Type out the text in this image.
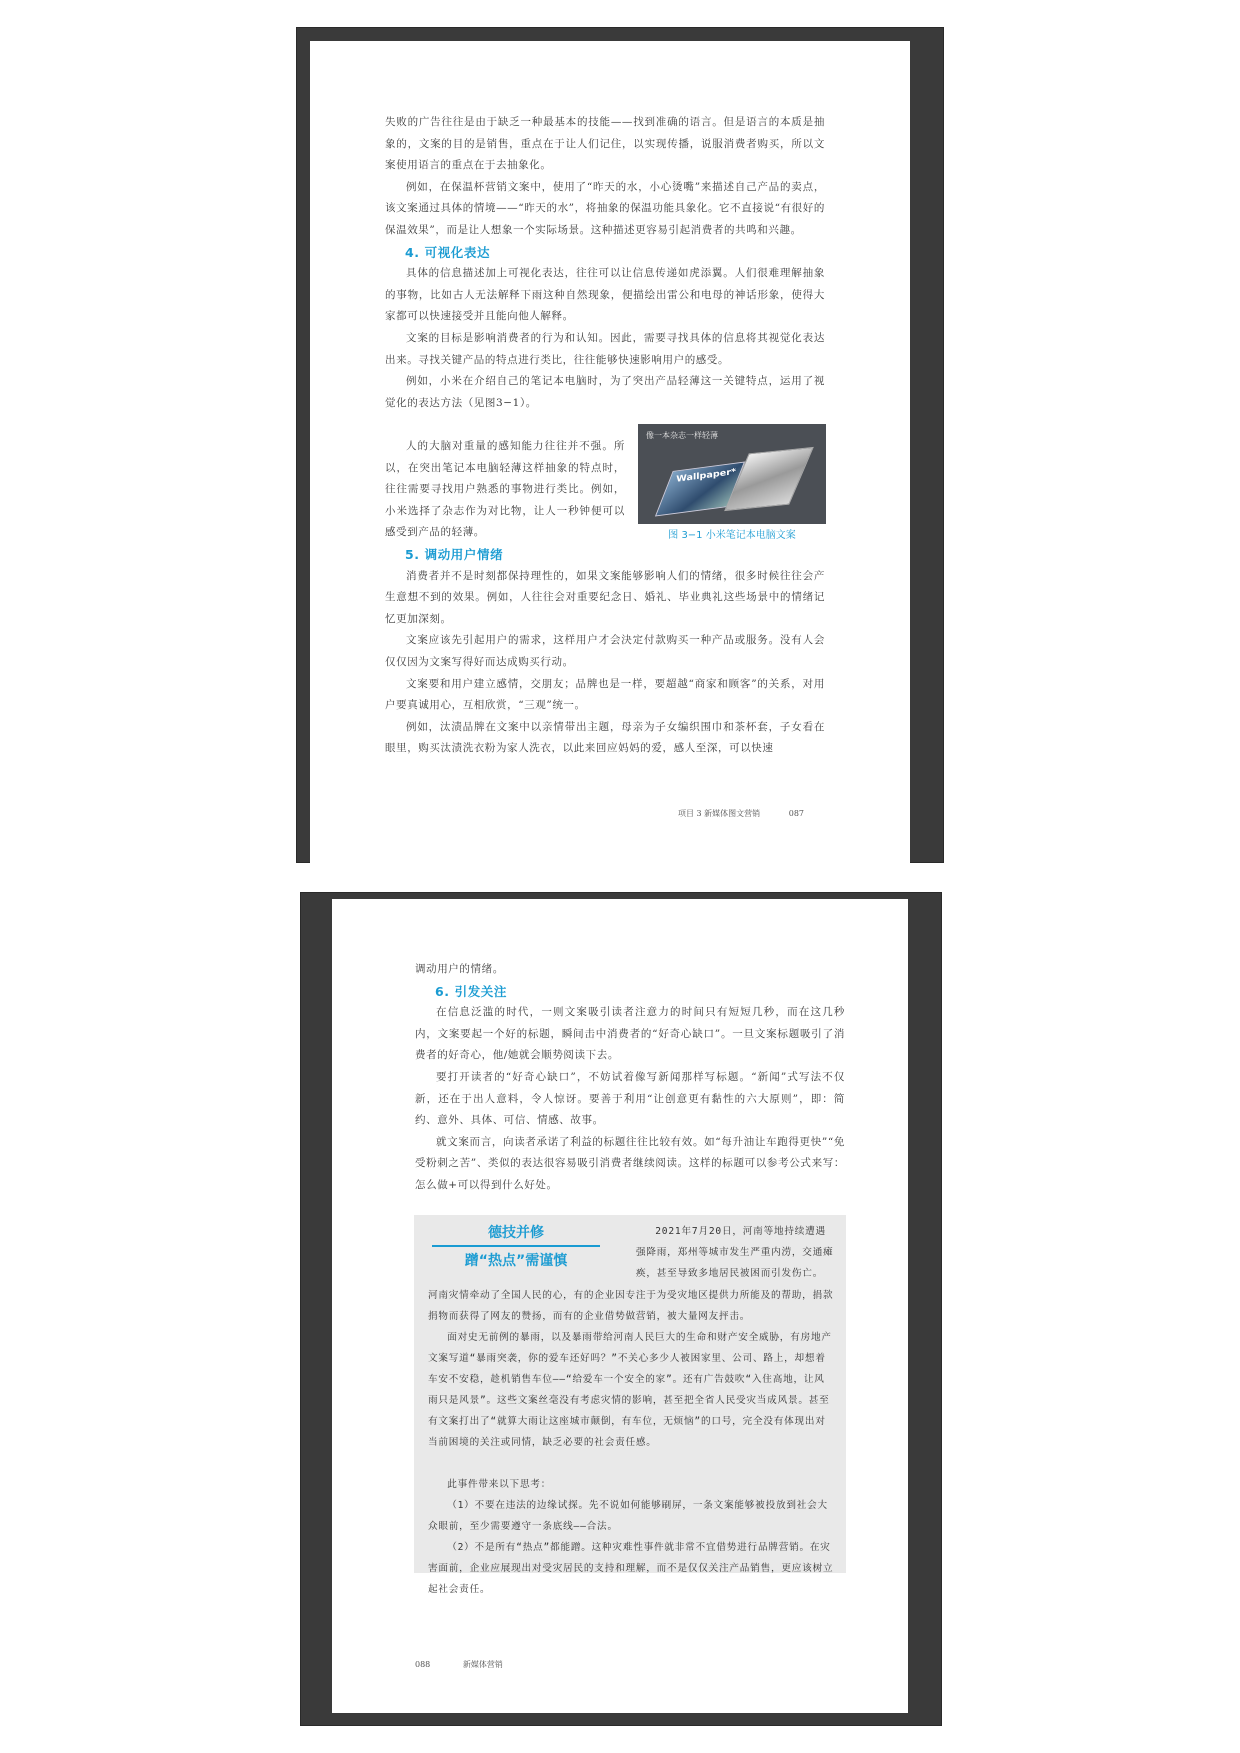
失败的广告往往是由于缺乏一种最基本的技能——找到准确的语言。但是语言的本质是抽象的，文案的目的是销售，重点在于让人们记住，以实现传播，说服消费者购买，所以文案使用语言的重点在于去抽象化。

例如，在保温杯营销文案中，使用了“昨天的水，小心烫嘴”来描述自己产品的卖点，该文案通过具体的情境——“昨天的水”，将抽象的保温功能具象化。它不直接说“有很好的保温效果”，而是让人想象一个实际场景。这种描述更容易引起消费者的共鸣和兴趣。

4. 可视化表达

具体的信息描述加上可视化表达，往往可以让信息传递如虎添翼。人们很难理解抽象的事物，比如古人无法解释下雨这种自然现象，便描绘出雷公和电母的神话形象，使得大家都可以快速接受并且能向他人解释。

文案的目标是影响消费者的行为和认知。因此，需要寻找具体的信息将其视觉化表达出来。寻找关键产品的特点进行类比，往往能够快速影响用户的感受。

例如，小米在介绍自己的笔记本电脑时，为了突出产品轻薄这一关键特点，运用了视觉化的表达方法（见图3−1）。

人的大脑对重量的感知能力往往并不强。所以，在突出笔记本电脑轻薄这样抽象的特点时，往往需要寻找用户熟悉的事物进行类比。例如，小米选择了杂志作为对比物，让人一秒钟便可以感受到产品的轻薄。

像一本杂志一样轻薄
Wallpaper*
图 3−1 小米笔记本电脑文案

5. 调动用户情绪

消费者并不是时刻都保持理性的，如果文案能够影响人们的情绪，很多时候往往会产生意想不到的效果。例如，人往往会对重要纪念日、婚礼、毕业典礼这些场景中的情绪记忆更加深刻。

文案应该先引起用户的需求，这样用户才会決定付款购买一种产品或服务。没有人会仅仅因为文案写得好而达成购买行动。

文案要和用户建立感情，交朋友；品牌也是一样，要超越“商家和顾客”的关系，对用户要真诚用心，互相欣赏，“三观”统一。

例如，汰渍品牌在文案中以亲情带出主题，母亲为子女编织围巾和茶杯套，子女看在眼里，购买汰渍洗衣粉为家人洗衣，以此来回应妈妈的爱，感人至深，可以快速

项目 3 新媒体图文营销	087

调动用户的情绪。

6. 引发关注

在信息泛滥的时代，一则文案吸引读者注意力的时间只有短短几秒，而在这几秒内，文案要起一个好的标题，瞬间击中消费者的“好奇心缺口”。一旦文案标题吸引了消费者的好奇心，他/她就会顺势阅读下去。

要打开读者的“好奇心缺口”，不妨试着像写新闻那样写标题。“新闻”式写法不仅新，还在于出人意料，令人惊讶。要善于利用“让创意更有黏性的六大原则”，即：简约、意外、具体、可信、情感、故事。

就文案而言，向读者承诺了利益的标题往往比较有效。如“每升油让车跑得更快”“免受粉刺之苦”、类似的表达很容易吸引消费者继续阅读。这样的标题可以参考公式来写：怎么做+可以得到什么好处。

2021年7月20日，河南等地持续遭遇强降雨，郑州等城市发生严重内涝，交通瘫痪，甚至导致多地居民被困而引发伤亡。
河南灾情牵动了全国人民的心，有的企业因专注于为受灾地区提供力所能及的帮助，捐款捐物而获得了网友的赞扬，而有的企业借势做营销，被大量网友抨击。
面对史无前例的暴雨，以及暴雨带给河南人民巨大的生命和财产安全威胁，有房地产文案写道“暴雨突袭，你的爱车还好吗？”不关心多少人被困家里、公司、路上，却想着车安不安稳，趁机销售车位——“给爱车一个安全的家”。还有广告鼓吹“入住高地，让风雨只是风景”。这些文案丝毫没有考虑灾情的影响，甚至把全省人民受灾当成风景。甚至有文案打出了“就算大雨让这座城市颠倒，有车位，无烦恼”的口号，完全没有体现出对当前困境的关注或同情，缺乏必要的社会责任感。
此事件带来以下思考：
（1）不要在违法的边缘试探。先不说如何能够刷屏，一条文案能够被投放到社会大众眼前，至少需要遵守一条底线——合法。
（2）不是所有“热点”都能蹭。这种灾难性事件就非常不宜借势进行品牌营销。在灾害面前，企业应展现出对受灾居民的支持和理解，而不是仅仅关注产品销售，更应该树立起社会责任。
德技并修
蹭“热点”需谨慎
088	新媒体营销
